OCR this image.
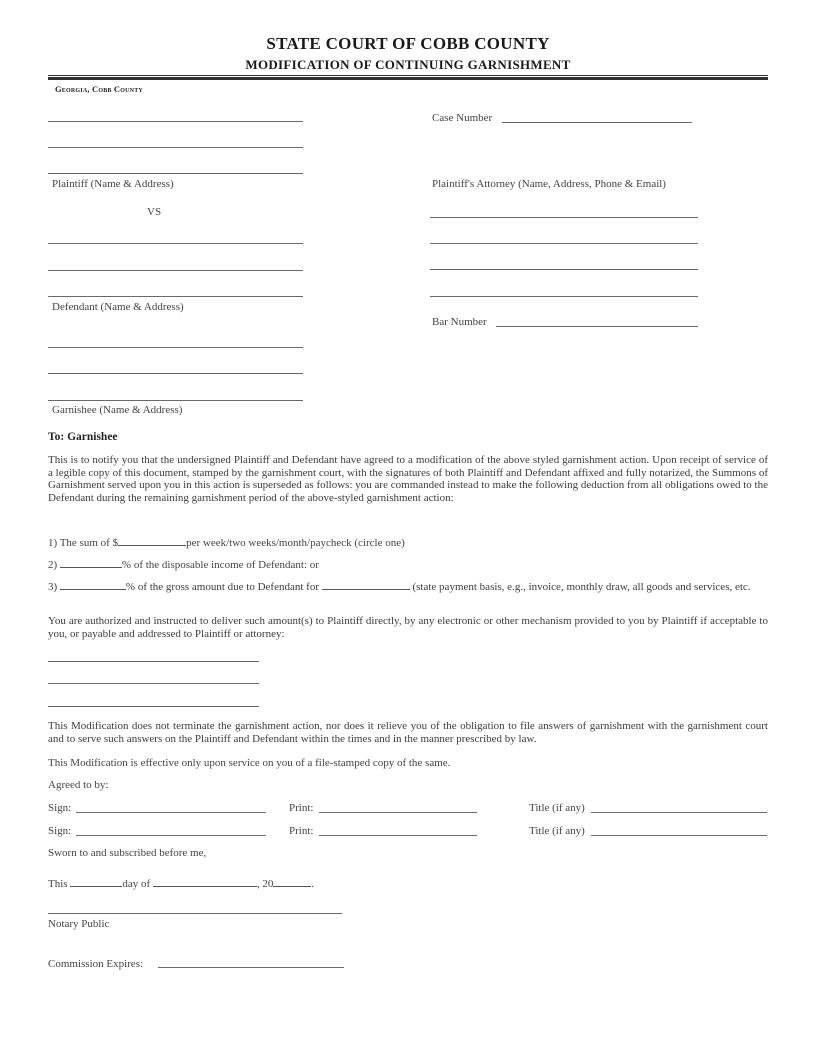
STATE COURT OF COBB COUNTY
MODIFICATION OF CONTINUING GARNISHMENT
Georgia, Cobb County
Plaintiff (Name & Address)
VS
Defendant (Name & Address)
Garnishee (Name & Address)
Case Number
Plaintiff's Attorney (Name, Address, Phone & Email)
Bar Number
To: Garnishee
This is to notify you that the undersigned Plaintiff and Defendant have agreed to a modification of the above styled garnishment action. Upon receipt of service of a legible copy of this document, stamped by the garnishment court, with the signatures of both Plaintiff and Defendant affixed and fully notarized, the Summons of Garnishment served upon you in this action is superseded as follows: you are commanded instead to make the following deduction from all obligations owed to the Defendant during the remaining garnishment period of the above-styled garnishment action:
1) The sum of $	per week/two weeks/month/paycheck (circle one)
2)	% of the disposable income of Defendant: or
3)	% of the gross amount due to Defendant for	(state payment basis, e.g., invoice, monthly draw, all goods and services, etc.
You are authorized and instructed to deliver such amount(s) to Plaintiff directly, by any electronic or other mechanism provided to you by Plaintiff if acceptable to you, or payable and addressed to Plaintiff or attorney:
This Modification does not terminate the garnishment action, nor does it relieve you of the obligation to file answers of garnishment with the garnishment court and to serve such answers on the Plaintiff and Defendant within the times and in the manner prescribed by law.
This Modification is effective only upon service on you of a file-stamped copy of the same.
Agreed to by:
Sign:	Print:	Title (if any)
Sign:	Print:	Title (if any)
Sworn to and subscribed before me,
This	day of	, 20	.
Notary Public
Commission Expires:
